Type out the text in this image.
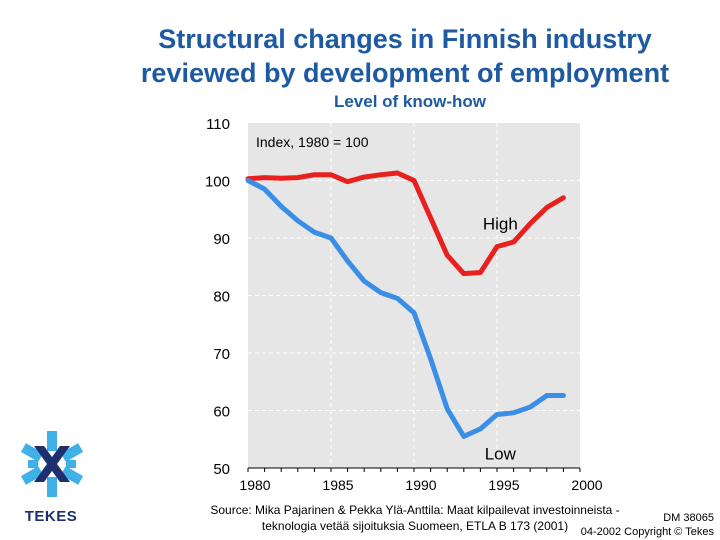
Structural changes in Finnish industry
reviewed by development of employment
Level of know-how
50
60
70
80
90
100
110
1980	1985	1990	1995	2000
Index, 1980 = 100
High
Low
TEKES	Source: Mika Pajarinen & Pekka Ylä-Anttila: Maat kilpailevat investoinneista -
teknologia vetää sijoituksia Suomeen, ETLA B 173 (2001)
DM 38065
04-2002 Copyright © Tekes
